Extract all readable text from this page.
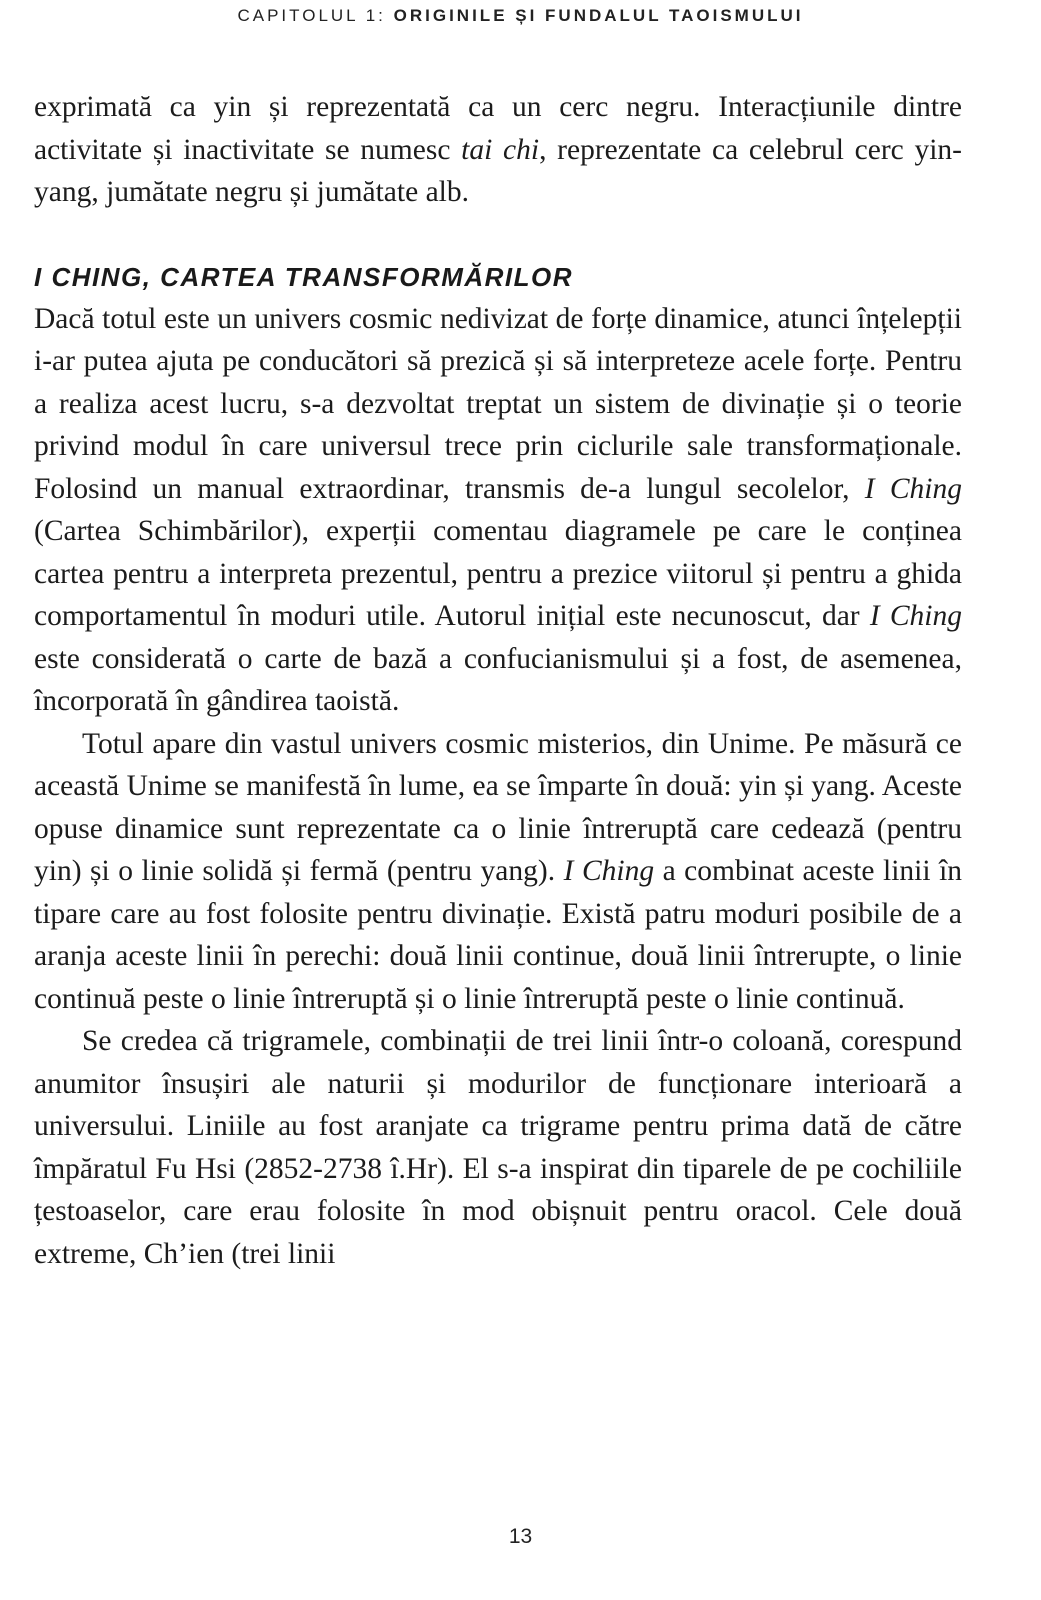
CAPITOLUL 1: ORIGINILE ȘI FUNDALUL TAOISMULUI

exprimată ca yin și reprezentată ca un cerc negru. Interacțiunile dintre activitate și inactivitate se numesc tai chi, reprezentate ca celebrul cerc yin-yang, jumătate negru și jumătate alb.

I CHING, CARTEA TRANSFORMĂRILOR

Dacă totul este un univers cosmic nedivizat de forțe dinamice, atunci înțelepții i-ar putea ajuta pe conducători să prezică și să interpreteze acele forțe. Pentru a realiza acest lucru, s-a dezvoltat treptat un sistem de divinație și o teorie privind modul în care universul trece prin ciclurile sale transformaționale. Folosind un manual extraordinar, transmis de-a lungul secolelor, I Ching (Cartea Schimbărilor), experții comentau diagramele pe care le conținea cartea pentru a interpreta prezentul, pentru a prezice viitorul și pentru a ghida comportamentul în moduri utile. Autorul inițial este necunoscut, dar I Ching este considerată o carte de bază a confucianismului și a fost, de asemenea, încorporată în gândirea taoistă.

Totul apare din vastul univers cosmic misterios, din Unime. Pe măsură ce această Unime se manifestă în lume, ea se împarte în două: yin și yang. Aceste opuse dinamice sunt reprezentate ca o linie întreruptă care cedează (pentru yin) și o linie solidă și fermă (pentru yang). I Ching a combinat aceste linii în tipare care au fost folosite pentru divinație. Există patru moduri posibile de a aranja aceste linii în perechi: două linii continue, două linii întrerupte, o linie continuă peste o linie întreruptă și o linie întreruptă peste o linie continuă.

Se credea că trigramele, combinații de trei linii într-o coloană, corespund anumitor însușiri ale naturii și modurilor de funcționare interioară a universului. Liniile au fost aranjate ca trigrame pentru prima dată de către împăratul Fu Hsi (2852-2738 î.Hr). El s-a inspirat din tiparele de pe cochiliile țestoaselor, care erau folosite în mod obișnuit pentru oracol. Cele două extreme, Ch’ien (trei linii

13
